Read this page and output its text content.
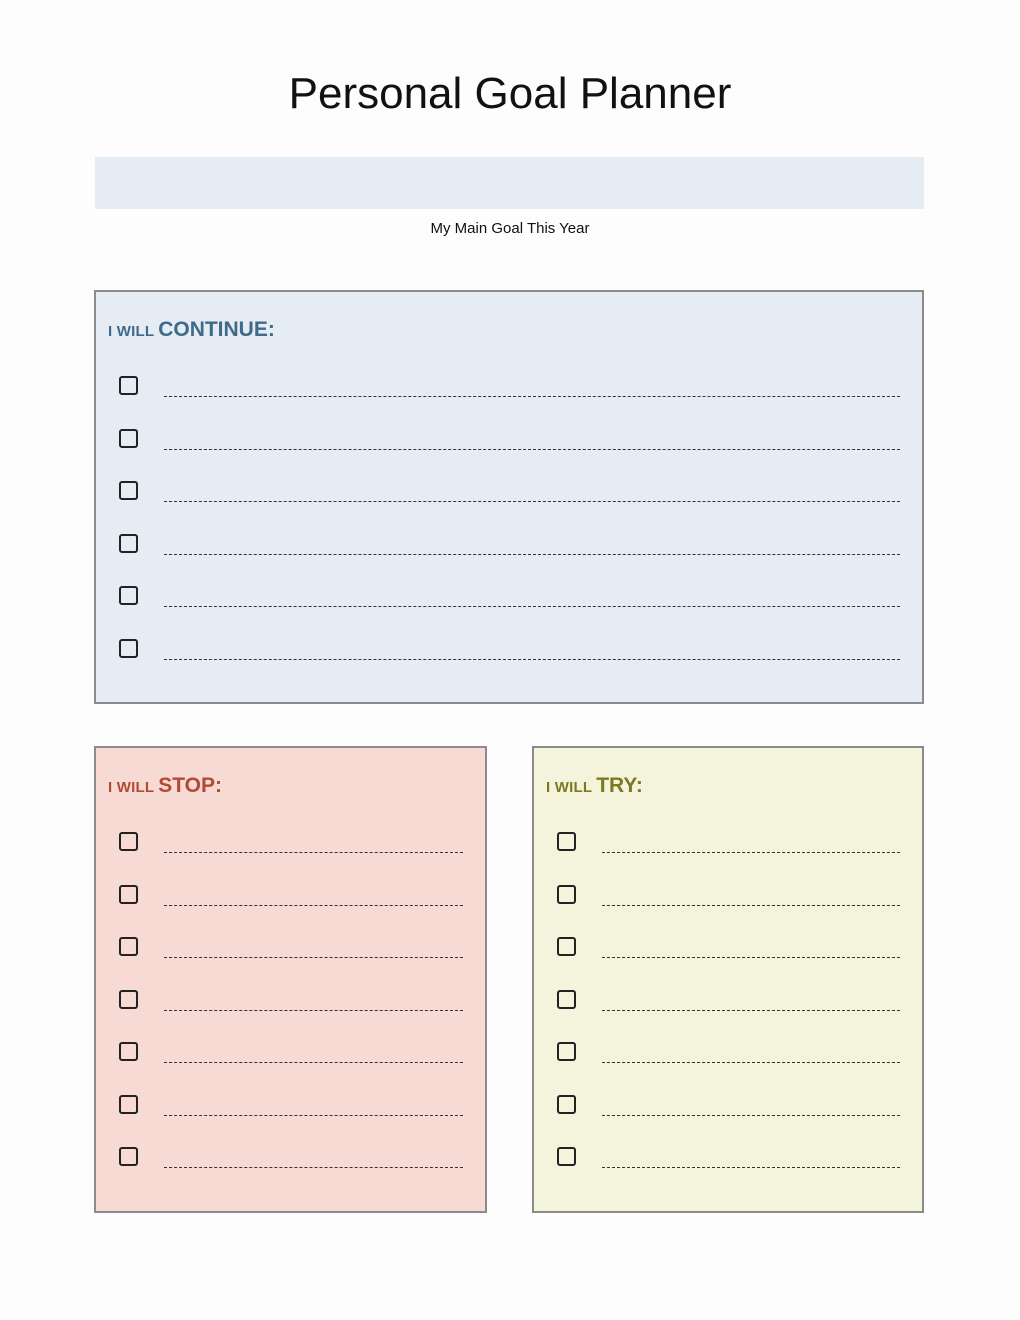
Personal Goal Planner
My Main Goal This Year
I WILL CONTINUE:
I WILL STOP:	I WILL TRY:
